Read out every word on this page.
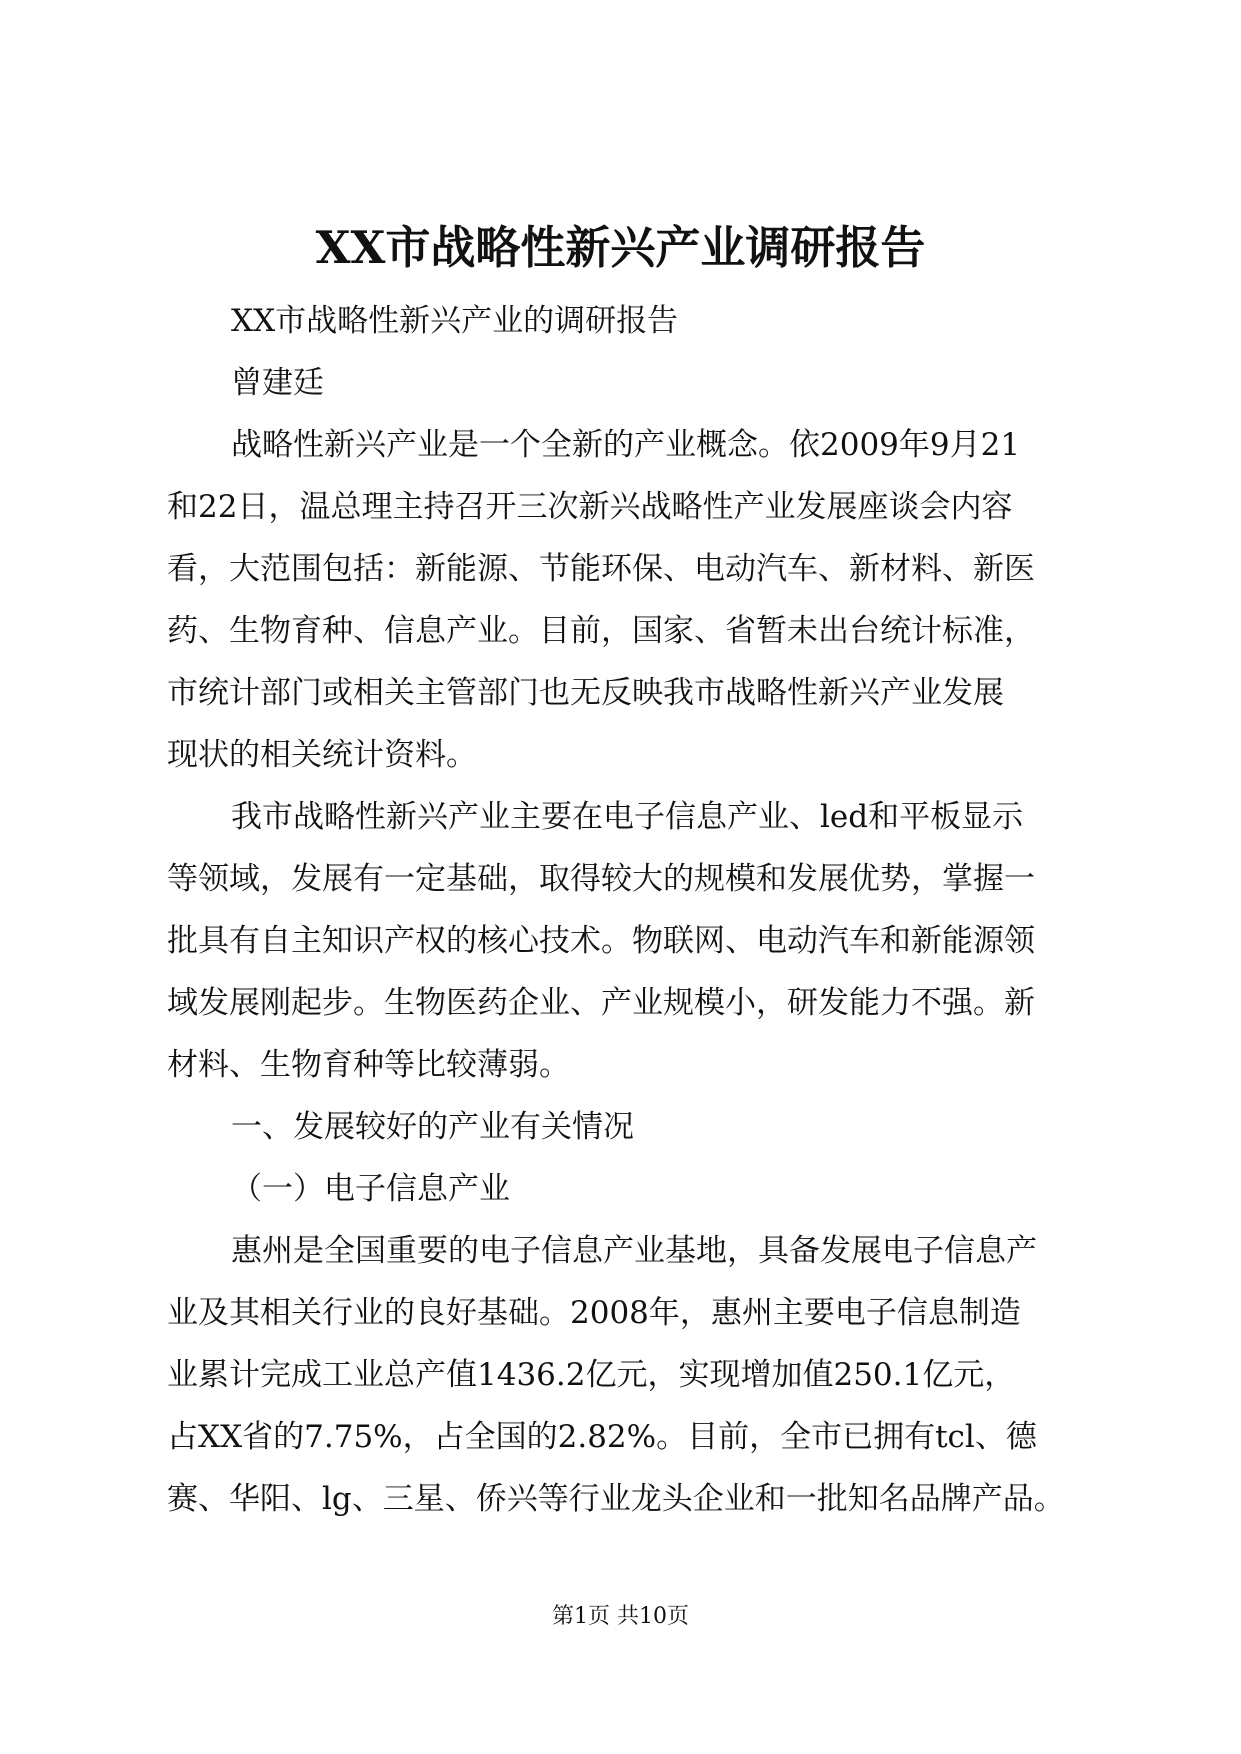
XX市战略性新兴产业调研报告
XX市战略性新兴产业的调研报告
曾建廷
战略性新兴产业是一个全新的产业概念。依2009年9月21
和22日，温总理主持召开三次新兴战略性产业发展座谈会内容
看，大范围包括：新能源、节能环保、电动汽车、新材料、新医
药、生物育种、信息产业。目前，国家、省暂未出台统计标准，
市统计部门或相关主管部门也无反映我市战略性新兴产业发展
现状的相关统计资料。
我市战略性新兴产业主要在电子信息产业、led和平板显示
等领域，发展有一定基础，取得较大的规模和发展优势，掌握一
批具有自主知识产权的核心技术。物联网、电动汽车和新能源领
域发展刚起步。生物医药企业、产业规模小，研发能力不强。新
材料、生物育种等比较薄弱。
一、发展较好的产业有关情况
（一）电子信息产业
惠州是全国重要的电子信息产业基地，具备发展电子信息产
业及其相关行业的良好基础。2008年，惠州主要电子信息制造
业累计完成工业总产值1436.2亿元，实现增加值250.1亿元，
占XX省的7.75%，占全国的2.82%。目前，全市已拥有tcl、德
赛、华阳、lg、三星、侨兴等行业龙头企业和一批知名品牌产品。
第1页 共10页
